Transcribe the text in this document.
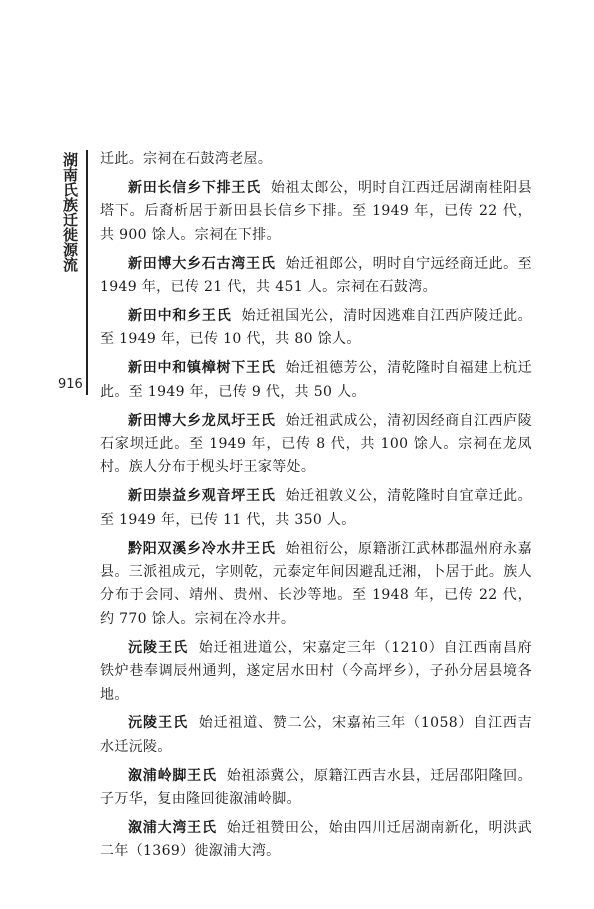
湖南氏族迁徙源流
916

迁此。宗祠在石鼓湾老屋。

新田长信乡下排王氏 始祖太郎公，明时自江西迁居湖南桂阳县塔下。后裔析居于新田县长信乡下排。至 1949 年，已传 22 代，共 900 馀人。宗祠在下排。

新田博大乡石古湾王氏 始迁祖郎公，明时自宁远经商迁此。至 1949 年，已传 21 代，共 451 人。宗祠在石鼓湾。

新田中和乡王氏 始迁祖国光公，清时因逃难自江西庐陵迁此。至 1949 年，已传 10 代，共 80 馀人。

新田中和镇樟树下王氏 始迁祖德芳公，清乾隆时自福建上杭迁此。至 1949 年，已传 9 代，共 50 人。

新田博大乡龙凤圩王氏 始迁祖武成公，清初因经商自江西庐陵石家坝迁此。至 1949 年，已传 8 代，共 100 馀人。宗祠在龙凤村。族人分布于枧头圩王家等处。

新田崇益乡观音坪王氏 始迁祖敦义公，清乾隆时自宜章迁此。至 1949 年，已传 11 代，共 350 人。

黔阳双溪乡冷水井王氏 始祖衍公，原籍浙江武林郡温州府永嘉县。三派祖成元，字则乾，元泰定年间因避乱迁湘，卜居于此。族人分布于会同、靖州、贵州、长沙等地。至 1948 年，已传 22 代，约 770 馀人。宗祠在冷水井。

沅陵王氏 始迁祖进道公，宋嘉定三年（1210）自江西南昌府铁炉巷奉调辰州通判，遂定居水田村（今高坪乡），子孙分居县境各地。

沅陵王氏 始迁祖道、赞二公，宋嘉祐三年（1058）自江西吉水迁沅陵。

溆浦岭脚王氏 始祖添冀公，原籍江西吉水县，迁居邵阳隆回。子万华，复由隆回徙溆浦岭脚。

溆浦大湾王氏 始迁祖赞田公，始由四川迁居湖南新化，明洪武二年（1369）徙溆浦大湾。
